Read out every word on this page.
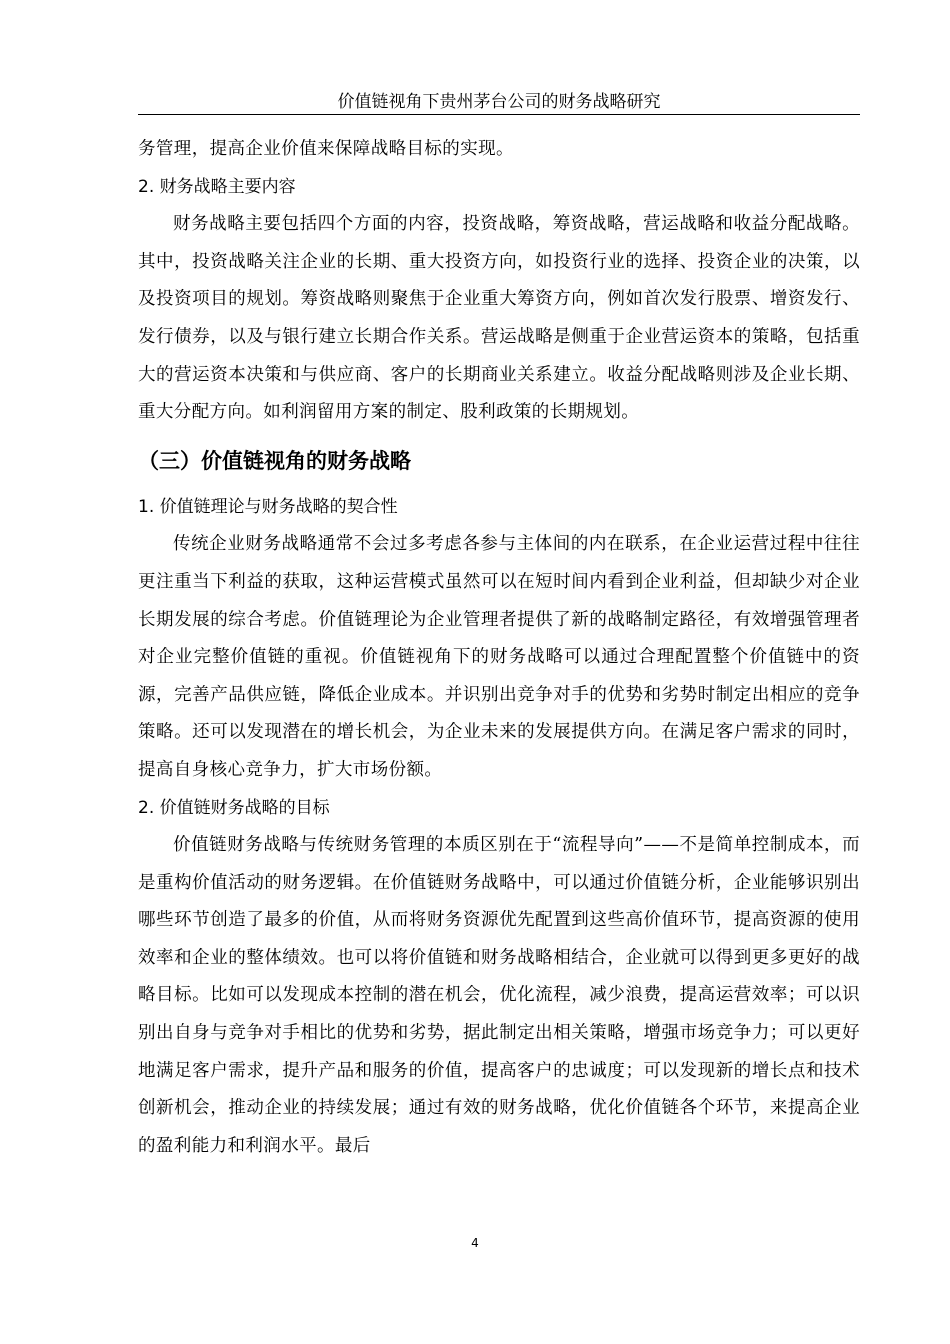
价值链视角下贵州茅台公司的财务战略研究

务管理，提高企业价值来保障战略目标的实现。

2. 财务战略主要内容

财务战略主要包括四个方面的内容，投资战略，筹资战略，营运战略和收益分配战略。其中，投资战略关注企业的长期、重大投资方向，如投资行业的选择、投资企业的决策，以及投资项目的规划。筹资战略则聚焦于企业重大筹资方向，例如首次发行股票、增资发行、发行债券，以及与银行建立长期合作关系。营运战略是侧重于企业营运资本的策略，包括重大的营运资本决策和与供应商、客户的长期商业关系建立。收益分配战略则涉及企业长期、重大分配方向。如利润留用方案的制定、股利政策的长期规划。

（三）价值链视角的财务战略

1. 价值链理论与财务战略的契合性

传统企业财务战略通常不会过多考虑各参与主体间的内在联系，在企业运营过程中往往更注重当下利益的获取，这种运营模式虽然可以在短时间内看到企业利益，但却缺少对企业长期发展的综合考虑。价值链理论为企业管理者提供了新的战略制定路径，有效增强管理者对企业完整价值链的重视。价值链视角下的财务战略可以通过合理配置整个价值链中的资源，完善产品供应链，降低企业成本。并识别出竞争对手的优势和劣势时制定出相应的竞争策略。还可以发现潜在的增长机会，为企业未来的发展提供方向。在满足客户需求的同时，提高自身核心竞争力，扩大市场份额。

2. 价值链财务战略的目标

价值链财务战略与传统财务管理的本质区别在于“流程导向”——不是简单控制成本，而是重构价值活动的财务逻辑。在价值链财务战略中，可以通过价值链分析，企业能够识别出哪些环节创造了最多的价值，从而将财务资源优先配置到这些高价值环节，提高资源的使用效率和企业的整体绩效。也可以将价值链和财务战略相结合，企业就可以得到更多更好的战略目标。比如可以发现成本控制的潜在机会，优化流程，减少浪费，提高运营效率；可以识别出自身与竞争对手相比的优势和劣势，据此制定出相关策略，增强市场竞争力；可以更好地满足客户需求，提升产品和服务的价值，提高客户的忠诚度；可以发现新的增长点和技术创新机会，推动企业的持续发展；通过有效的财务战略，优化价值链各个环节，来提高企业的盈利能力和利润水平。最后

4
